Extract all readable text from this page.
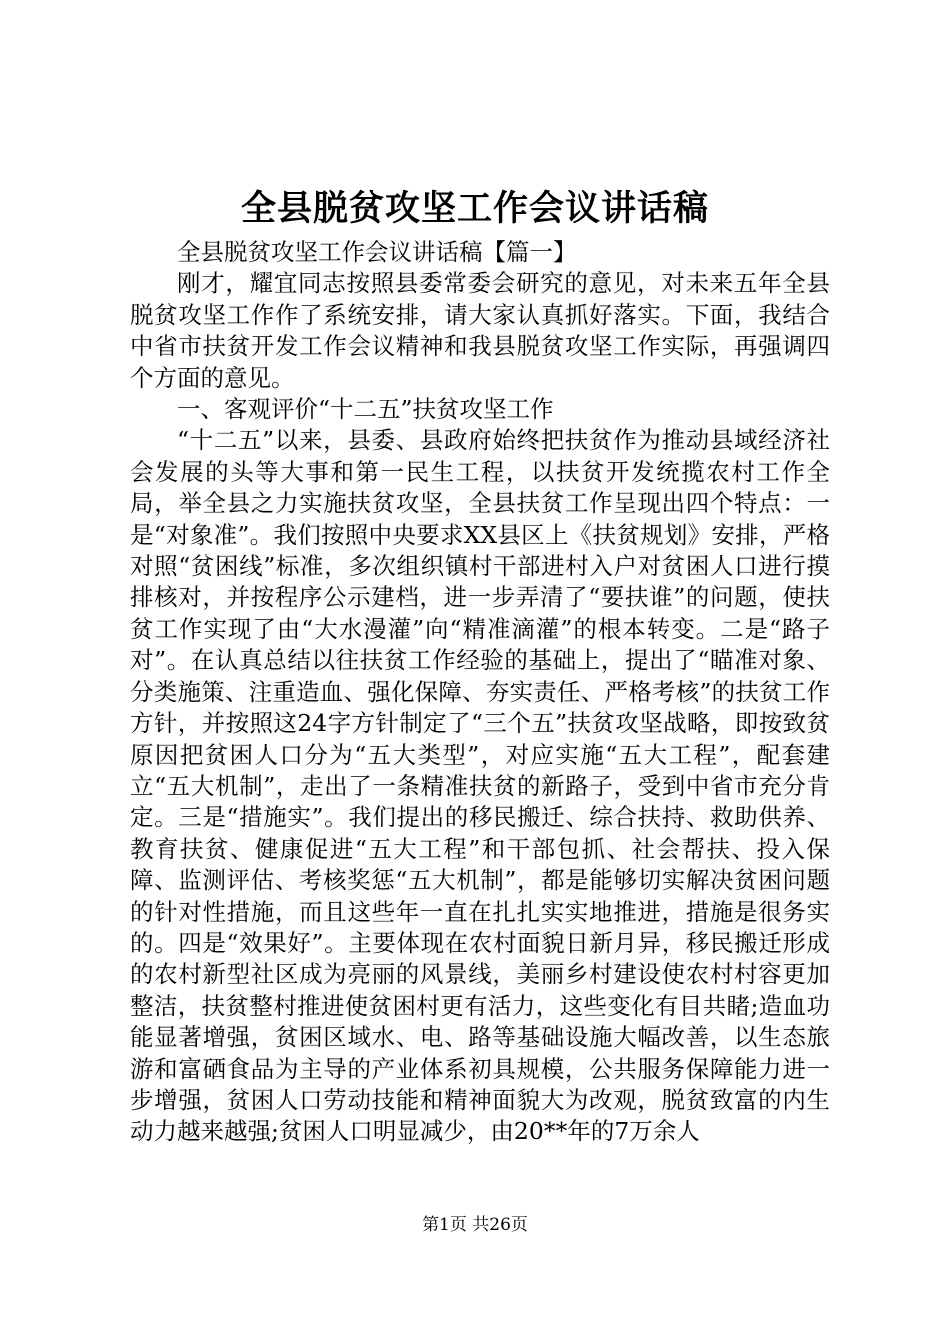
全县脱贫攻坚工作会议讲话稿

全县脱贫攻坚工作会议讲话稿【篇一】

刚才，耀宜同志按照县委常委会研究的意见，对未来五年全县脱贫攻坚工作作了系统安排，请大家认真抓好落实。下面，我结合中省市扶贫开发工作会议精神和我县脱贫攻坚工作实际，再强调四个方面的意见。

一、客观评价“十二五”扶贫攻坚工作

“十二五”以来，县委、县政府始终把扶贫作为推动县域经济社会发展的头等大事和第一民生工程，以扶贫开发统揽农村工作全局，举全县之力实施扶贫攻坚，全县扶贫工作呈现出四个特点：一是“对象准”。我们按照中央要求XX县区上《扶贫规划》安排，严格对照“贫困线”标准，多次组织镇村干部进村入户对贫困人口进行摸排核对，并按程序公示建档，进一步弄清了“要扶谁”的问题，使扶贫工作实现了由“大水漫灌”向“精准滴灌”的根本转变。二是“路子对”。在认真总结以往扶贫工作经验的基础上，提出了“瞄准对象、分类施策、注重造血、强化保障、夯实责任、严格考核”的扶贫工作方针，并按照这24字方针制定了“三个五”扶贫攻坚战略，即按致贫原因把贫困人口分为“五大类型”，对应实施“五大工程”，配套建立“五大机制”，走出了一条精准扶贫的新路子，受到中省市充分肯定。三是“措施实”。我们提出的移民搬迁、综合扶持、救助供养、教育扶贫、健康促进“五大工程”和干部包抓、社会帮扶、投入保障、监测评估、考核奖惩“五大机制”，都是能够切实解决贫困问题的针对性措施，而且这些年一直在扎扎实实地推进，措施是很务实的。四是“效果好”。主要体现在农村面貌日新月异，移民搬迁形成的农村新型社区成为亮丽的风景线，美丽乡村建设使农村村容更加整洁，扶贫整村推进使贫困村更有活力，这些变化有目共睹;造血功能显著增强，贫困区域水、电、路等基础设施大幅改善，以生态旅游和富硒食品为主导的产业体系初具规模，公共服务保障能力进一步增强，贫困人口劳动技能和精神面貌大为改观，脱贫致富的内生动力越来越强;贫困人口明显减少，由20**年的7万余人

第1页 共26页
